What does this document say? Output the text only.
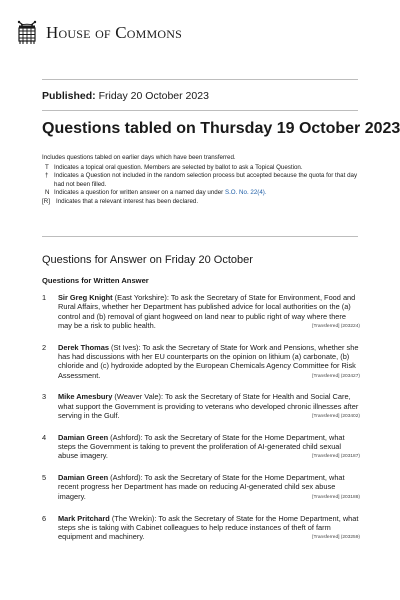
House of Commons
Published: Friday 20 October 2023
Questions tabled on Thursday 19 October 2023
Includes questions tabled on earlier days which have been transferred.
T Indicates a topical oral question. Members are selected by ballot to ask a Topical Question.
† Indicates a Question not included in the random selection process but accepted because the quota for that day had not been filled.
N Indicates a question for written answer on a named day under S.O. No. 22(4).
[R] Indicates that a relevant interest has been declared.
Questions for Answer on Friday 20 October
Questions for Written Answer
1	Sir Greg Knight (East Yorkshire): To ask the Secretary of State for Environment, Food and Rural Affairs, whether her Department has published advice for local authorities on the (a) control and (b) removal of giant hogweed on land near to public right of way where there may be a risk to public health.	[Transferred] (203224)
2	Derek Thomas (St Ives): To ask the Secretary of State for Work and Pensions, whether she has had discussions with her EU counterparts on the opinion on lithium (a) carbonate, (b) chloride and (c) hydroxide adopted by the European Chemicals Agency Committee for Risk Assessment.	[Transferred] (203427)
3	Mike Amesbury (Weaver Vale): To ask the Secretary of State for Health and Social Care, what support the Government is providing to veterans who developed chronic illnesses after serving in the Gulf.	[Transferred] (203402)
4	Damian Green (Ashford): To ask the Secretary of State for the Home Department, what steps the Government is taking to prevent the proliferation of AI-generated child sexual abuse imagery.	[Transferred] (203187)
5	Damian Green (Ashford): To ask the Secretary of State for the Home Department, what recent progress her Department has made on reducing AI-generated child sex abuse imagery.	[Transferred] (203188)
6	Mark Pritchard (The Wrekin): To ask the Secretary of State for the Home Department, what steps she is taking with Cabinet colleagues to help reduce instances of theft of farm equipment and machinery.	[Transferred] (203259)
